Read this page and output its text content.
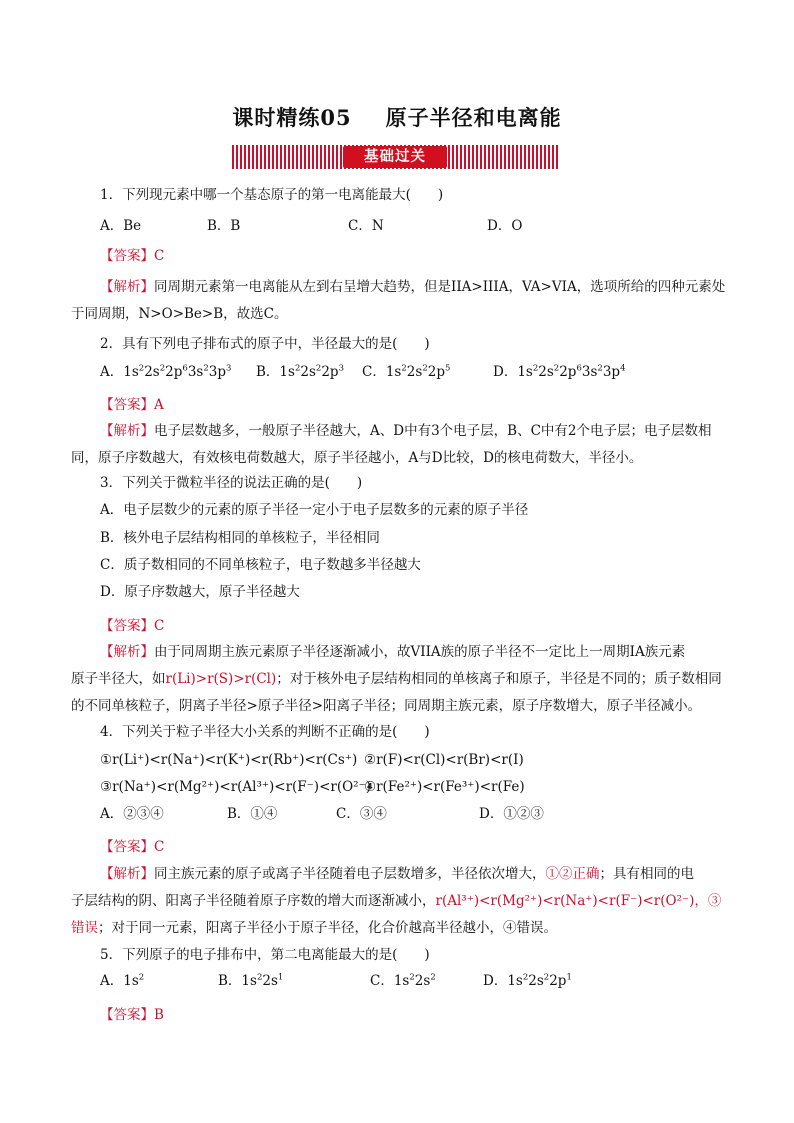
课时精练05 原子半径和电离能
基础过关
1．下列现元素中哪一个基态原子的第一电离能最大(　　)
A．Be	B．B	C．N	D．O
【答案】C
【解析】同周期元素第一电离能从左到右呈增大趋势，但是IIA>IIIA，VA>VIA，选项所给的四种元素处于同周期，N>O>Be>B，故选C。
2．具有下列电子排布式的原子中，半径最大的是(　　)
A．$1s^22s^22p^63s^23p^3$ B．$1s^22s^22p^3$ C．$1s^22s^22p^5$	D．$1s^22s^22p^63s^23p^4$
【答案】A
【解析】电子层数越多，一般原子半径越大，A、D中有3个电子层，B、C中有2个电子层；电子层数相同，原子序数越大，有效核电荷数越大，原子半径越小，A与D比较，D的核电荷数大，半径小。
3．下列关于微粒半径的说法正确的是(　　)
A．电子层数少的元素的原子半径一定小于电子层数多的元素的原子半径
B．核外电子层结构相同的单核粒子，半径相同
C．质子数相同的不同单核粒子，电子数越多半径越大
D．原子序数越大，原子半径越大
【答案】C
【解析】由于同周期主族元素原子半径逐渐减小，故VIIA族的原子半径不一定比上一周期ⅠA族元素
原子半径大，如r(Li)>r(S)>r(Cl)；对于核外电子层结构相同的单核离子和原子，半径是不同的；质子数相同
的不同单核粒子，阴离子半径>原子半径>阳离子半径；同周期主族元素，原子序数增大，原子半径减小。
4．下列关于粒子半径大小关系的判断不正确的是(　　)
①r(Li⁺)<r(Na⁺)<r(K⁺)<r(Rb⁺)<r(Cs⁺) ②r(F)<r(Cl)<r(Br)<r(I)
③r(Na⁺)<r(Mg²⁺)<r(Al³⁺)<r(F⁻)<r(O²⁻)④r(Fe²⁺)<r(Fe³⁺)<r(Fe)
A．②③④	B．①④	C．③④	D．①②③
【答案】C
【解析】同主族元素的原子或离子半径随着电子层数增多，半径依次增大，①②正确；具有相同的电
子层结构的阴、阳离子半径随着原子序数的增大而逐渐减小，r(Al³⁺)<r(Mg²⁺)<r(Na⁺)<r(F⁻)<r(O²⁻)，③
错误；对于同一元素，阳离子半径小于原子半径，化合价越高半径越小，④错误。
5．下列原子的电子排布中，第二电离能最大的是(　　)
A．$1s^2$	B．$1s^22s^1$	C．$1s^22s^2$	D．$1s^22s^22p^1$
【答案】B
